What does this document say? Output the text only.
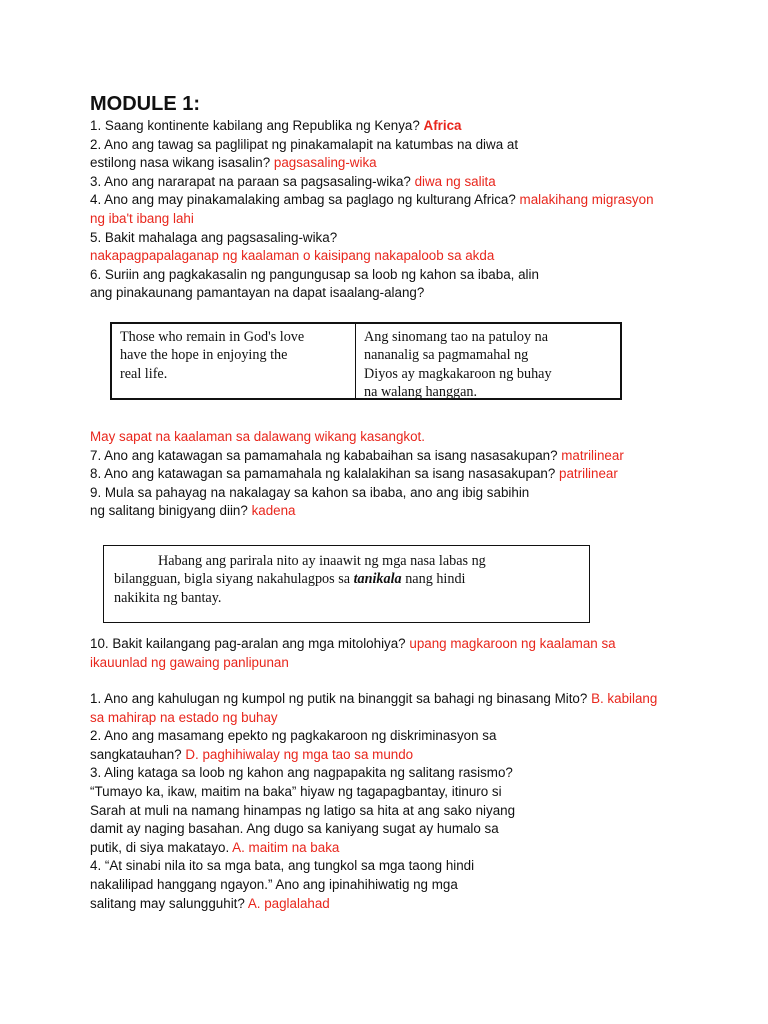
MODULE 1:
1. Saang kontinente kabilang ang Republika ng Kenya? Africa
2. Ano ang tawag sa paglilipat ng pinakamalapit na katumbas na diwa at
estilong nasa wikang isasalin? pagsasaling-wika
3. Ano ang nararapat na paraan sa pagsasaling-wika? diwa ng salita
4. Ano ang may pinakamalaking ambag sa paglago ng kulturang Africa? malakihang migrasyon
ng iba't ibang lahi
5. Bakit mahalaga ang pagsasaling-wika?
nakapagpapalaganap ng kaalaman o kaisipang nakapaloob sa akda
6. Suriin ang pagkakasalin ng pangungusap sa loob ng kahon sa ibaba, alin
ang pinakaunang pamantayan na dapat isaalang-alang?
Those who remain in God's love
have the hope in enjoying the
real life.
Ang sinomang tao na patuloy na
nananalig sa pagmamahal ng
Diyos ay magkakaroon ng buhay
na walang hanggan.
May sapat na kaalaman sa dalawang wikang kasangkot.
7. Ano ang katawagan sa pamamahala ng kababaihan sa isang nasasakupan? matrilinear
8. Ano ang katawagan sa pamamahala ng kalalakihan sa isang nasasakupan? patrilinear
9. Mula sa pahayag na nakalagay sa kahon sa ibaba, ano ang ibig sabihin
ng salitang binigyang diin? kadena
Habang ang parirala nito ay inaawit ng mga nasa labas ng
bilangguan, bigla siyang nakahulagpos sa tanikala nang hindi
nakikita ng bantay.
10. Bakit kailangang pag-aralan ang mga mitolohiya? upang magkaroon ng kaalaman sa
ikauunlad ng gawaing panlipunan
1. Ano ang kahulugan ng kumpol ng putik na binanggit sa bahagi ng binasang Mito? B. kabilang
sa mahirap na estado ng buhay
2. Ano ang masamang epekto ng pagkakaroon ng diskriminasyon sa
sangkatauhan? D. paghihiwalay ng mga tao sa mundo
3. Aling kataga sa loob ng kahon ang nagpapakita ng salitang rasismo?
“Tumayo ka, ikaw, maitim na baka” hiyaw ng tagapagbantay, itinuro si
Sarah at muli na namang hinampas ng latigo sa hita at ang sako niyang
damit ay naging basahan. Ang dugo sa kaniyang sugat ay humalo sa
putik, di siya makatayo. A. maitim na baka
4. “At sinabi nila ito sa mga bata, ang tungkol sa mga taong hindi
nakalilipad hanggang ngayon.” Ano ang ipinahihiwatig ng mga
salitang may salungguhit? A. paglalahad
